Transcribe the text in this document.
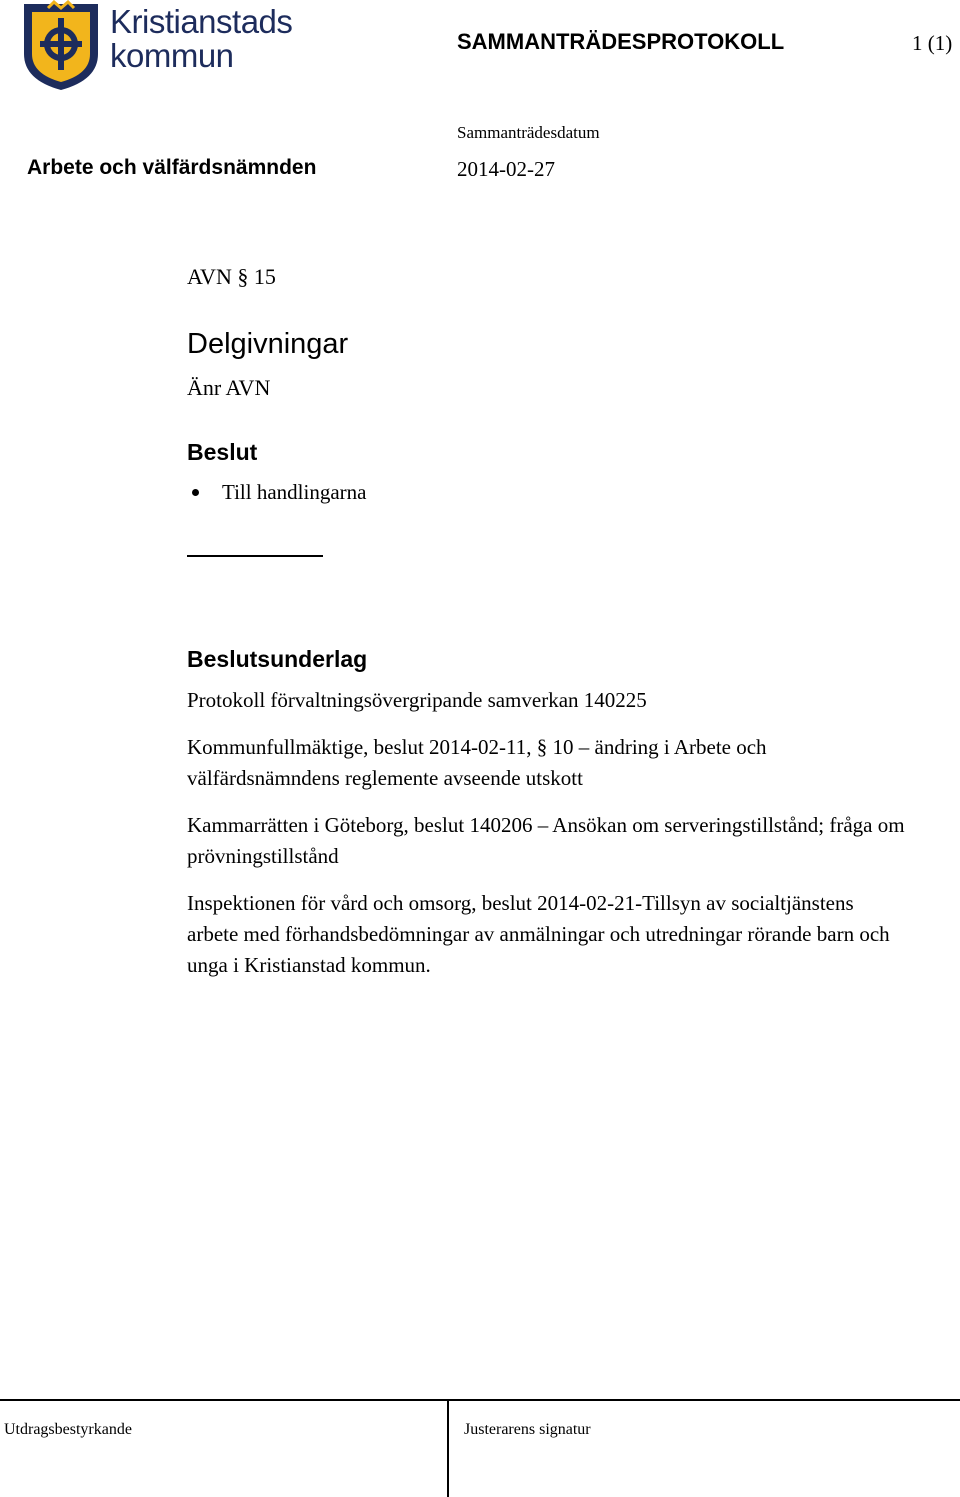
Kristianstads
kommun	SAMMANTRÄDESPROTOKOLL	1 (1)
Sammanträdesdatum
Arbete och välfärdsnämnden	2014-02-27
AVN § 15
Delgivningar
Änr AVN
Beslut
Till handlingarna
Beslutsunderlag

Protokoll förvaltningsövergripande samverkan 140225

Kommunfullmäktige, beslut 2014-02-11, § 10 – ändring i Arbete och välfärdsnämndens reglemente avseende utskott

Kammarrätten i Göteborg, beslut 140206 – Ansökan om serveringstillstånd; fråga om prövningstillstånd

Inspektionen för vård och omsorg, beslut 2014-02-21-Tillsyn av socialtjänstens arbete med förhandsbedömningar av anmälningar och utredningar rörande barn och unga i Kristianstad kommun.

Utdragsbestyrkande	Justerarens signatur
